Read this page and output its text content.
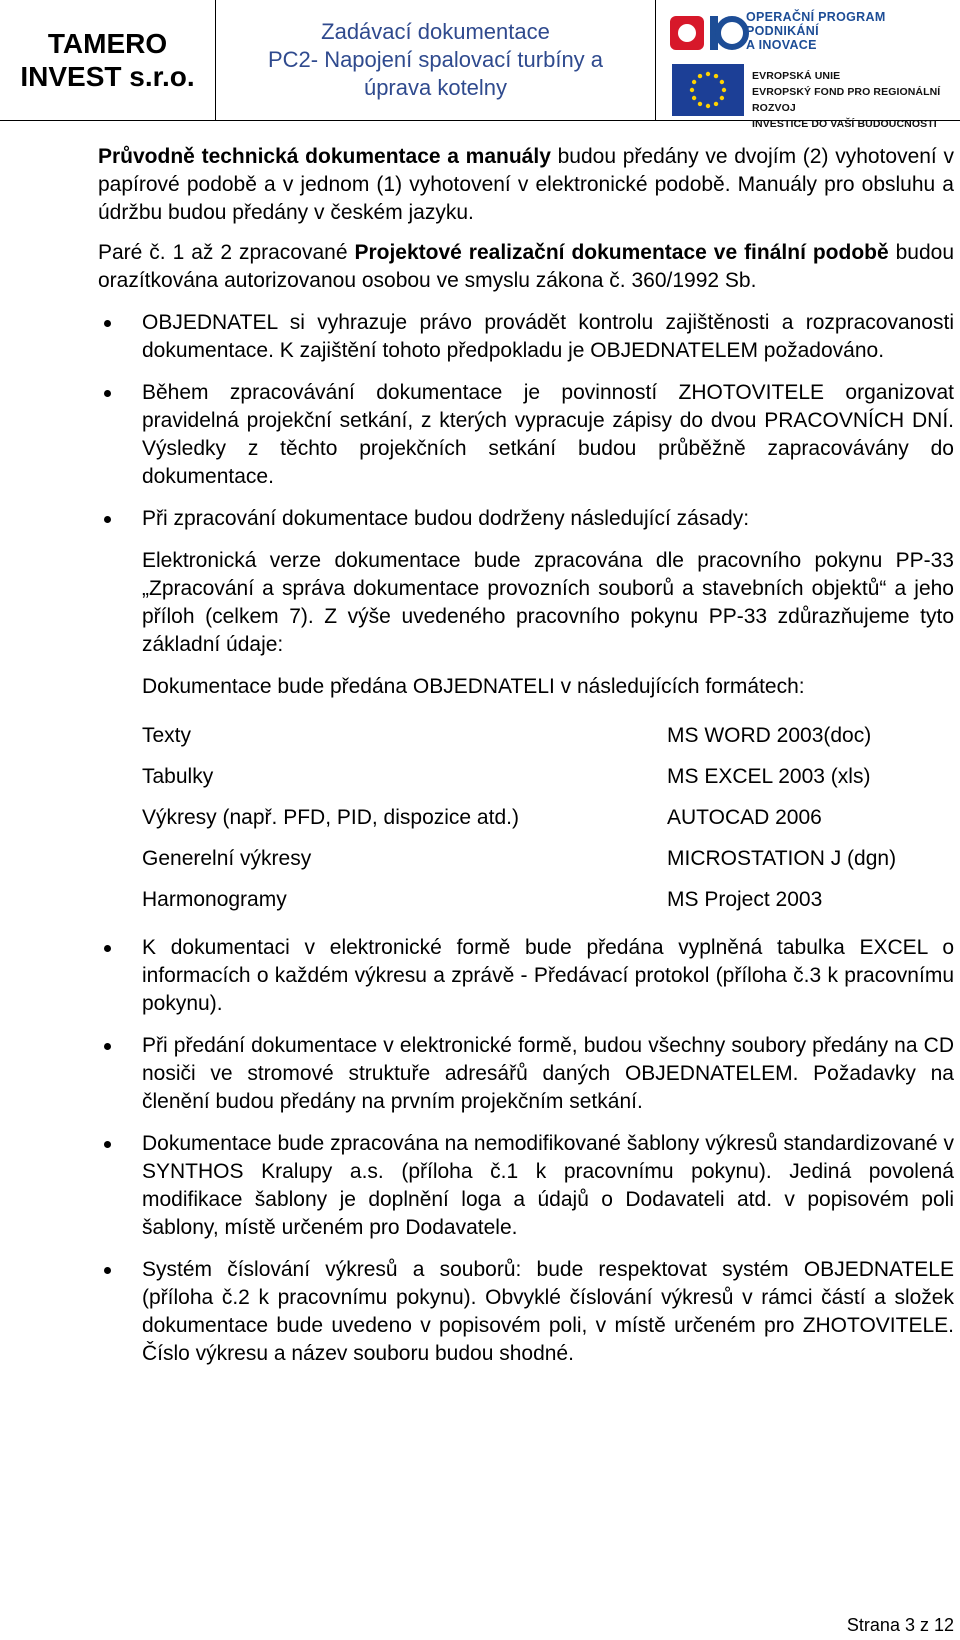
TAMERO
INVEST s.r.o.
Zadávací dokumentace
PC2- Napojení spalovací turbíny a
úprava kotelny
OPERAČNÍ PROGRAM
PODNIKÁNÍ
A INOVACE
EVROPSKÁ UNIE
EVROPSKÝ FOND PRO REGIONÁLNÍ ROZVOJ
INVESTICE DO VAŠÍ BUDOUCNOSTI

Průvodně technická dokumentace a manuály budou předány ve dvojím (2) vyhotovení v papírové podobě a v jednom (1) vyhotovení v elektronické podobě. Manuály pro obsluhu a údržbu budou předány v českém jazyku.

Paré č. 1 až 2 zpracované Projektové realizační dokumentace ve finální podobě budou orazítkována autorizovanou osobou ve smyslu zákona č. 360/1992 Sb.

OBJEDNATEL si vyhrazuje právo provádět kontrolu zajištěnosti a rozpracovanosti dokumentace. K zajištění tohoto předpokladu je OBJEDNATELEM požadováno.
Během zpracovávání dokumentace je povinností ZHOTOVITELE organizovat pravidelná projekční setkání, z kterých vypracuje zápisy do dvou PRACOVNÍCH DNÍ. Výsledky z těchto projekčních setkání budou průběžně zapracovávány do dokumentace.
Při zpracování dokumentace budou dodrženy následující zásady:
Elektronická verze dokumentace bude zpracována dle pracovního pokynu PP-33 „Zpracování a správa dokumentace provozních souborů a stavebních objektů“ a jeho příloh (celkem 7). Z výše uvedeného pracovního pokynu PP-33 zdůrazňujeme tyto základní údaje:
Dokumentace bude předána OBJEDNATELI v následujících formátech:
Texty	MS WORD 2003(doc)
Tabulky	MS EXCEL 2003 (xls)
Výkresy (např. PFD, PID, dispozice atd.)	AUTOCAD 2006
Generelní výkresy	MICROSTATION J (dgn)
Harmonogramy	MS Project 2003
K dokumentaci v elektronické formě bude předána vyplněná tabulka EXCEL o informacích o každém výkresu a zprávě - Předávací protokol (příloha č.3 k pracovnímu pokynu).
Při předání dokumentace v elektronické formě, budou všechny soubory předány na CD nosiči ve stromové struktuře adresářů daných OBJEDNATELEM. Požadavky na členění budou předány na prvním projekčním setkání.
Dokumentace bude zpracována na nemodifikované šablony výkresů standardizované v SYNTHOS Kralupy a.s. (příloha č.1 k pracovnímu pokynu). Jediná povolená modifikace šablony je doplnění loga a údajů o Dodavateli atd. v popisovém poli šablony, místě určeném pro Dodavatele.
Systém číslování výkresů a souborů: bude respektovat systém OBJEDNATELE (příloha č.2 k pracovnímu pokynu). Obvyklé číslování výkresů v rámci částí a složek dokumentace bude uvedeno v popisovém poli, v místě určeném pro ZHOTOVITELE. Číslo výkresu a název souboru budou shodné.
Strana 3 z 12
